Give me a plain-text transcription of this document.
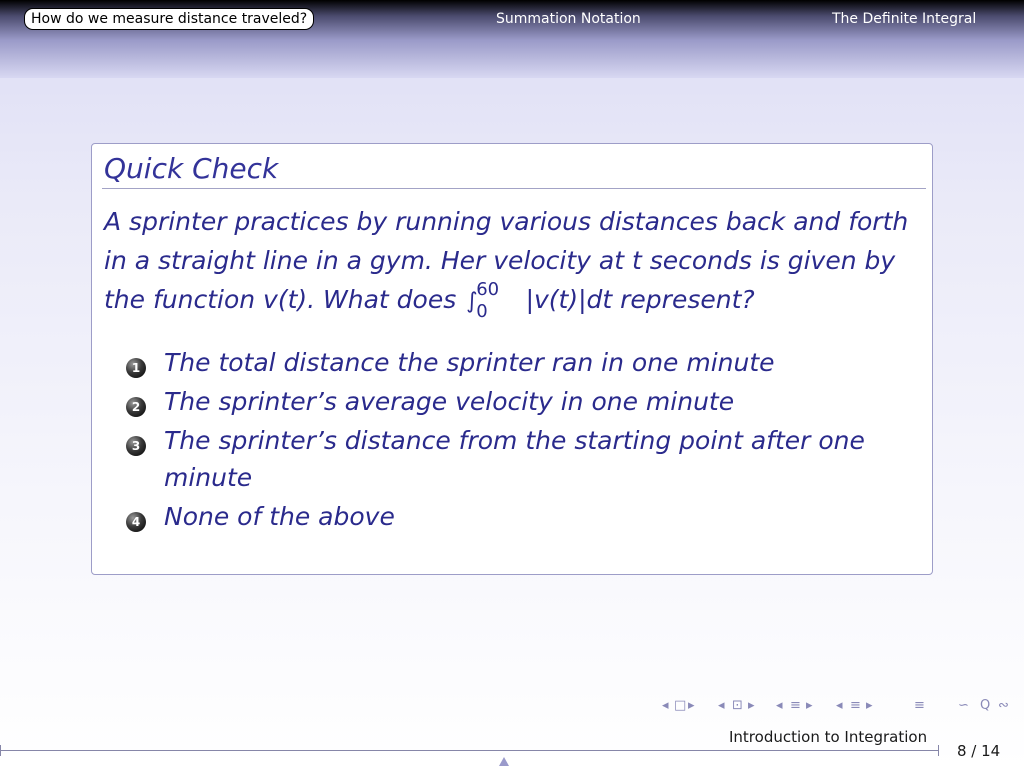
How do we measure distance traveled?	Summation Notation	The Definite Integral
Quick Check
A sprinter practices by running various distances back and forth
in a straight line in a gym. Her velocity at t seconds is given by
the function v(t). What does ∫
60
0 |v(t)|dt represent?
1 The total distance the sprinter ran in one minute
2 The sprinter’s average velocity in one minute
3 The sprinter’s distance from the starting point after one
minute
4 None of the above
◂ □ ▸ ◂ ⊡ ▸ ◂ ≡ ▸ ◂ ≡ ▸	≡ ∽ Q ∾
Introduction to Integration
8 / 14
